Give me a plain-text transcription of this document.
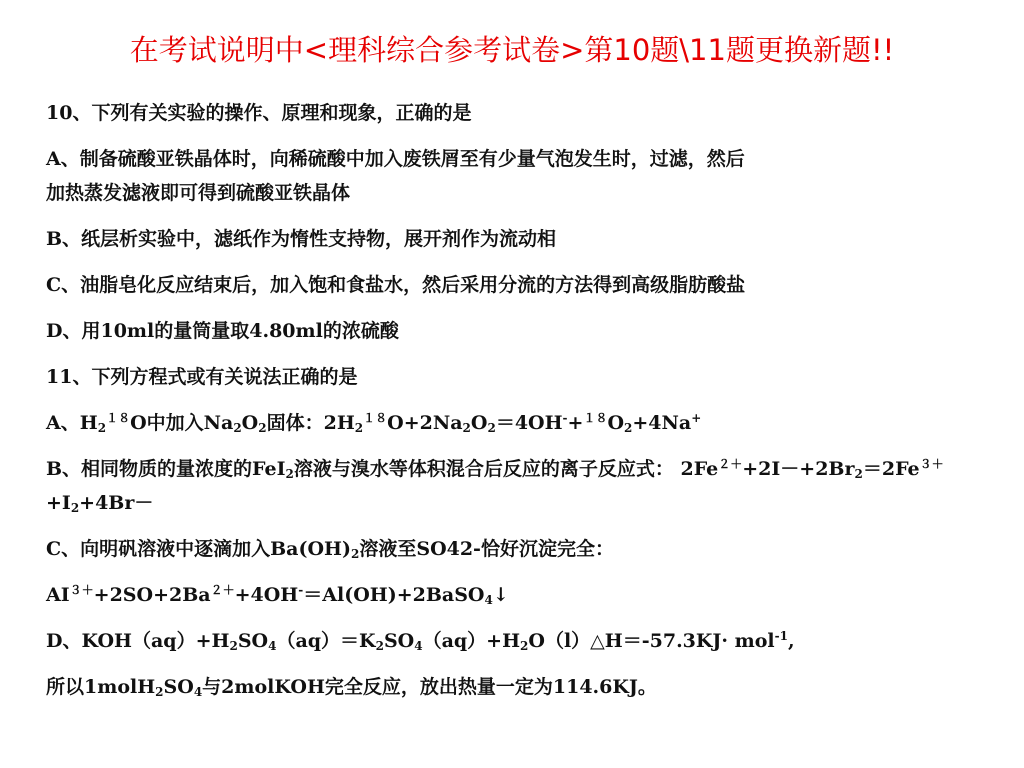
在考试说明中<理科综合参考试卷>第10题\11题更换新题!!
10、下列有关实验的操作、原理和现象，正确的是
A、制备硫酸亚铁晶体时，向稀硫酸中加入废铁屑至有少量气泡发生时，过滤，然后
加热蒸发滤液即可得到硫酸亚铁晶体
B、纸层析实验中，滤纸作为惰性支持物，展开剂作为流动相
C、油脂皂化反应结束后，加入饱和食盐水，然后采用分流的方法得到高级脂肪酸盐
D、用10ml的量筒量取4.80ml的浓硫酸
11、下列方程式或有关说法正确的是
A、$H_2^{18}O$中加入$Na_2O_2$固体：$2H_2^{18}O+2Na_2O_2=4OH^-+^{18}O_2+4Na^+$
B、相同物质的量浓度的FeI$_2$溶液与溴水等体积混合后反应的离子反应式： $2Fe^{2+}+2I-+2Br_2=2Fe^{3+}+I_2+4Br-$
C、向明矾溶液中逐滴加入$Ba(OH)_2$溶液至SO42-恰好沉淀完全：
$AI^{3+}+2SO+2Ba^{2+}+4OH^-=Al(OH)+2BaSO_4↓$
D、$KOH(aq)+H_2SO_4(aq)=K_2SO_4(aq)+H_2O(l)\triangle H=-57.3KJ\cdot mol^{-1}$,
所以$1molH_2SO_4$与2molKOH完全反应，放出热量一定为114.6KJ。
